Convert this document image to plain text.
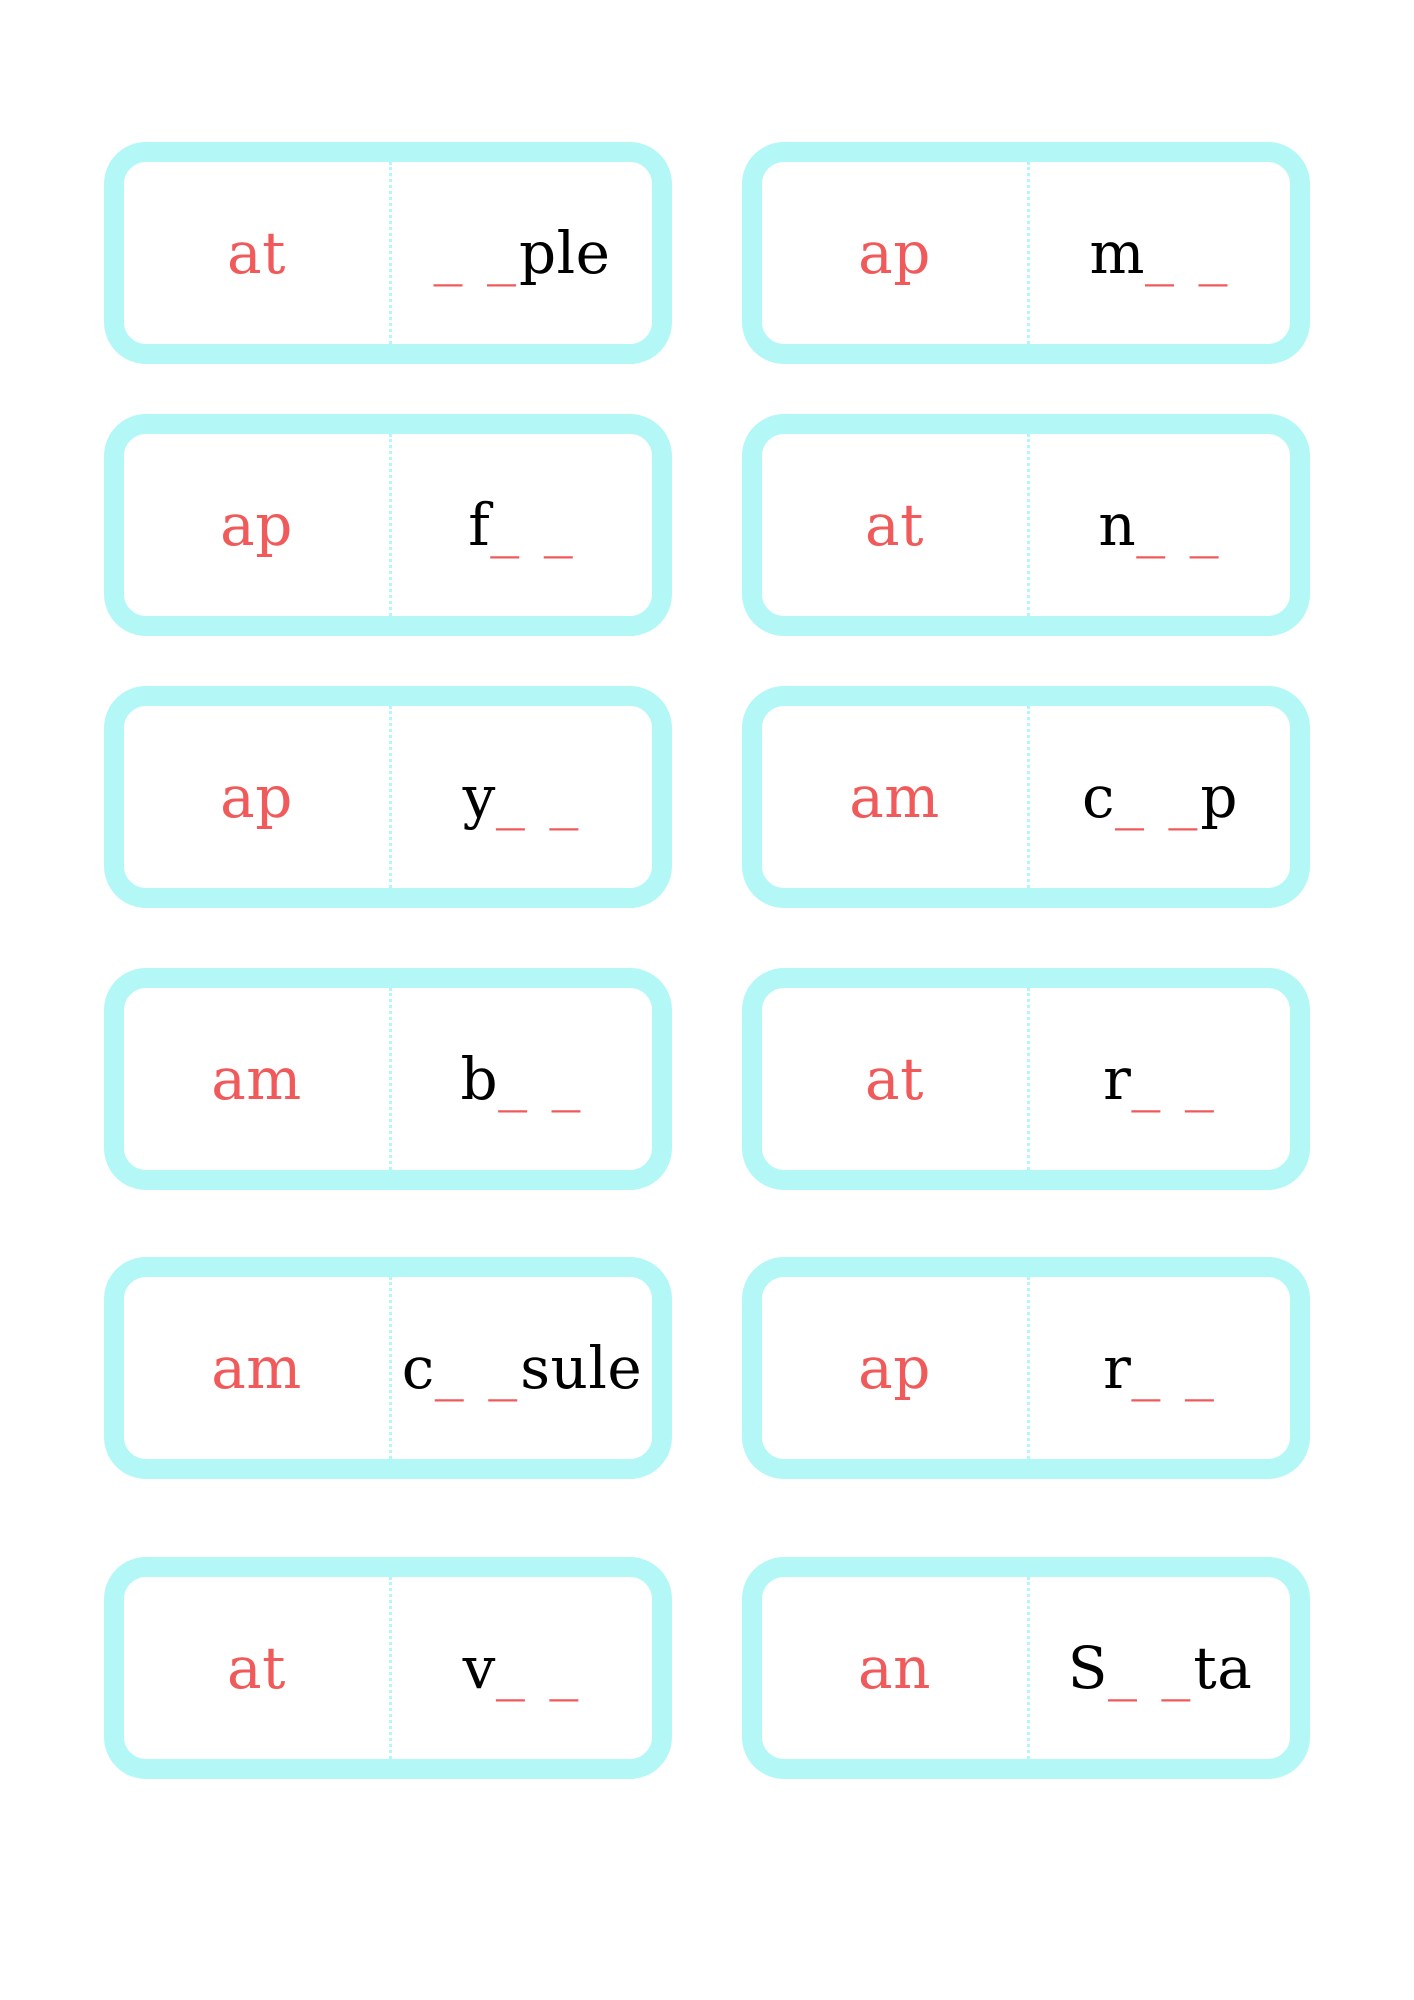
at	_ _ ple	ap	m _ _
ap	f _ _	at	n _ _
ap	y _ _	am	c _ _ p
am	b _ _	at	r _ _
am	c _ _ sule	ap	r _ _
at	v _ _	an	S _ _ ta
